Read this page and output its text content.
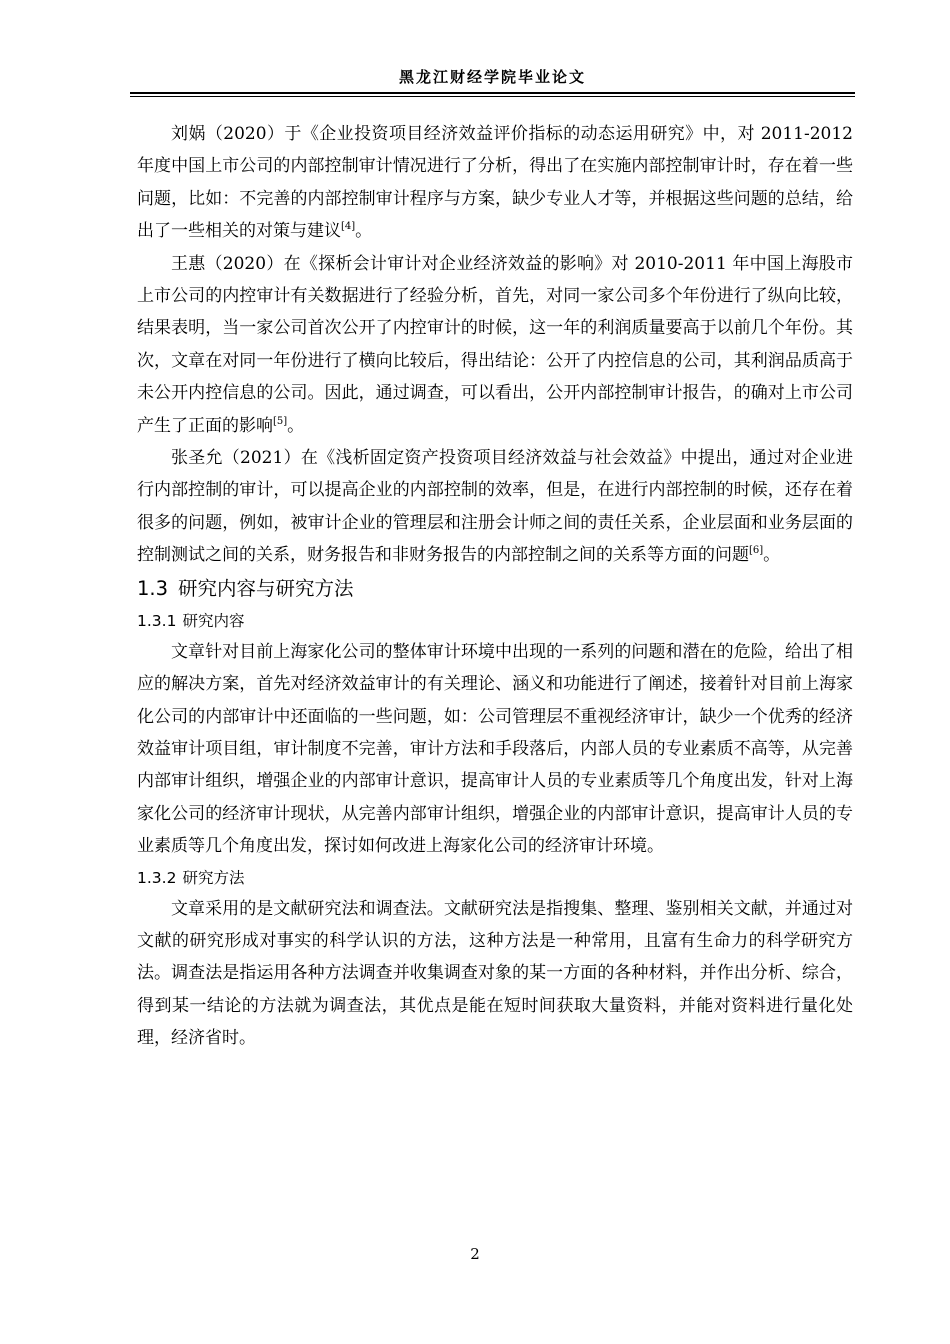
黑龙江财经学院毕业论文

刘娲（2020）于《企业投资项目经济效益评价指标的动态运用研究》中，对 2011-2012 年度中国上市公司的内部控制审计情况进行了分析，得出了在实施内部控制审计时，存在着一些问题，比如：不完善的内部控制审计程序与方案，缺少专业人才等，并根据这些问题的总结，给出了一些相关的对策与建议[4]。

王惠（2020）在《探析会计审计对企业经济效益的影响》对 2010-2011 年中国上海股市上市公司的内控审计有关数据进行了经验分析，首先，对同一家公司多个年份进行了纵向比较，结果表明，当一家公司首次公开了内控审计的时候，这一年的利润质量要高于以前几个年份。其次，文章在对同一年份进行了横向比较后，得出结论：公开了内控信息的公司，其利润品质高于未公开内控信息的公司。因此，通过调查，可以看出，公开内部控制审计报告，的确对上市公司产生了正面的影响[5]。

张圣允（2021）在《浅析固定资产投资项目经济效益与社会效益》中提出，通过对企业进行内部控制的审计，可以提高企业的内部控制的效率，但是，在进行内部控制的时候，还存在着很多的问题，例如，被审计企业的管理层和注册会计师之间的责任关系，企业层面和业务层面的控制测试之间的关系，财务报告和非财务报告的内部控制之间的关系等方面的问题[6]。

1.3 研究内容与研究方法
1.3.1 研究内容

文章针对目前上海家化公司的整体审计环境中出现的一系列的问题和潜在的危险，给出了相应的解决方案，首先对经济效益审计的有关理论、涵义和功能进行了阐述，接着针对目前上海家化公司的内部审计中还面临的一些问题，如：公司管理层不重视经济审计，缺少一个优秀的经济效益审计项目组，审计制度不完善，审计方法和手段落后，内部人员的专业素质不高等，从完善内部审计组织，增强企业的内部审计意识，提高审计人员的专业素质等几个角度出发，针对上海家化公司的经济审计现状，从完善内部审计组织，增强企业的内部审计意识，提高审计人员的专业素质等几个角度出发，探讨如何改进上海家化公司的经济审计环境。

1.3.2 研究方法

文章采用的是文献研究法和调查法。文献研究法是指搜集、整理、鉴别相关文献，并通过对文献的研究形成对事实的科学认识的方法，这种方法是一种常用，且富有生命力的科学研究方法。调查法是指运用各种方法调查并收集调查对象的某一方面的各种材料，并作出分析、综合，得到某一结论的方法就为调查法，其优点是能在短时间获取大量资料，并能对资料进行量化处理，经济省时。

2
